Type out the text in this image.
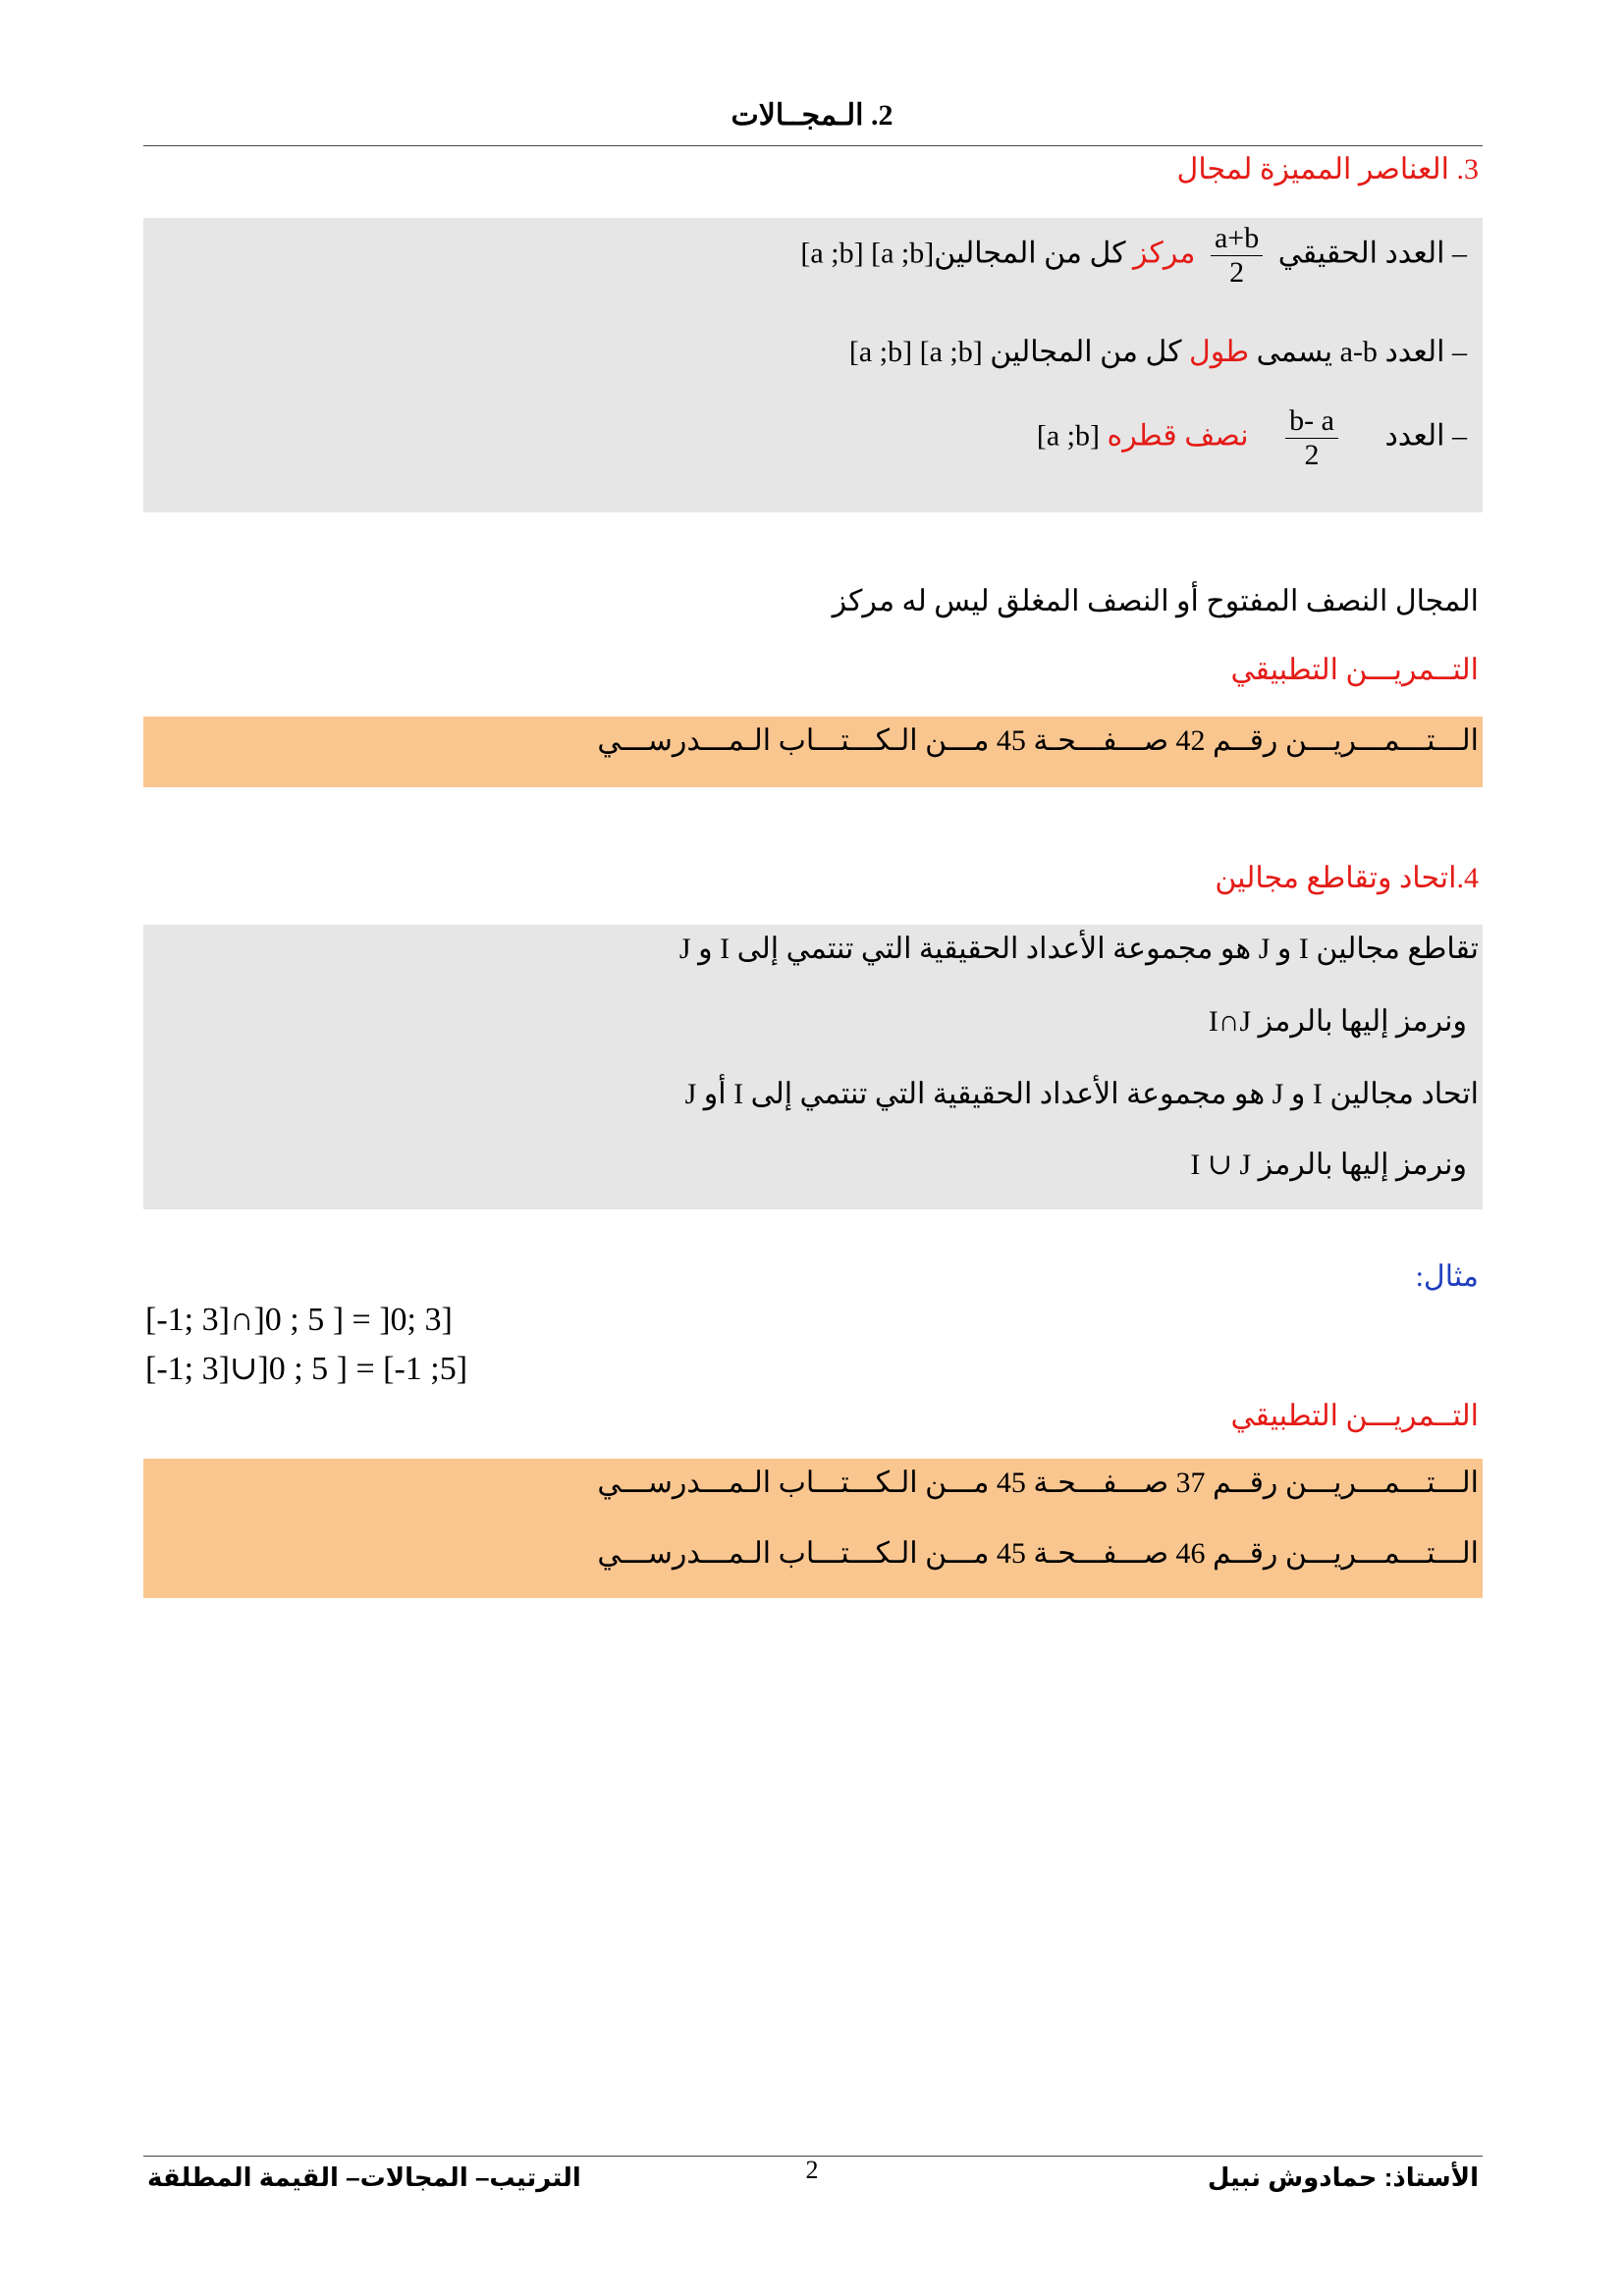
2. الـمجــالات
3. العناصر المميزة لمجال
– العدد الحقيقي
$\frac{a+b}{2}$
مركز كل من المجالين[a ;b] [a ;b]
– العدد a-b يسمى طول كل من المجالين [a ;b] [a ;b]
– العدد
$\frac{b- a}{2}$
نصف قطره [a ;b]
المجال النصف المفتوح أو النصف المغلق ليس له مركز
التــمريـــن التطبيقي
الـــتـــمـــريـــن رقــم 42 صـــفـــحـة 45 مـــن الـكـــتـــاب الـمـــدرســـي
4.اتحاد وتقاطع مجالين
تقاطع مجالين I و J هو مجموعة الأعداد الحقيقية التي تنتمي إلى I و J
ونرمز إليها بالرمز I∩J
اتحاد مجالين I و J هو مجموعة الأعداد الحقيقية التي تنتمي إلى I أو J
ونرمز إليها بالرمز I ∪ J
مثال:
[-1; 3]∩]0 ; 5 ] = ]0; 3]
[-1; 3]∪]0 ; 5 ] = [-1 ;5]
التــمريـــن التطبيقي
الـــتـــمـــريـــن رقــم 37 صـــفـــحـة 45 مـــن الـكـــتـــاب الـمـــدرســـي
الـــتـــمـــريـــن رقــم 46 صـــفـــحـة 45 مـــن الـكـــتـــاب الـمـــدرســـي
الأستاذ: حمادوش نبيل
2
الترتيب– المجالات– القيمة المطلقة
